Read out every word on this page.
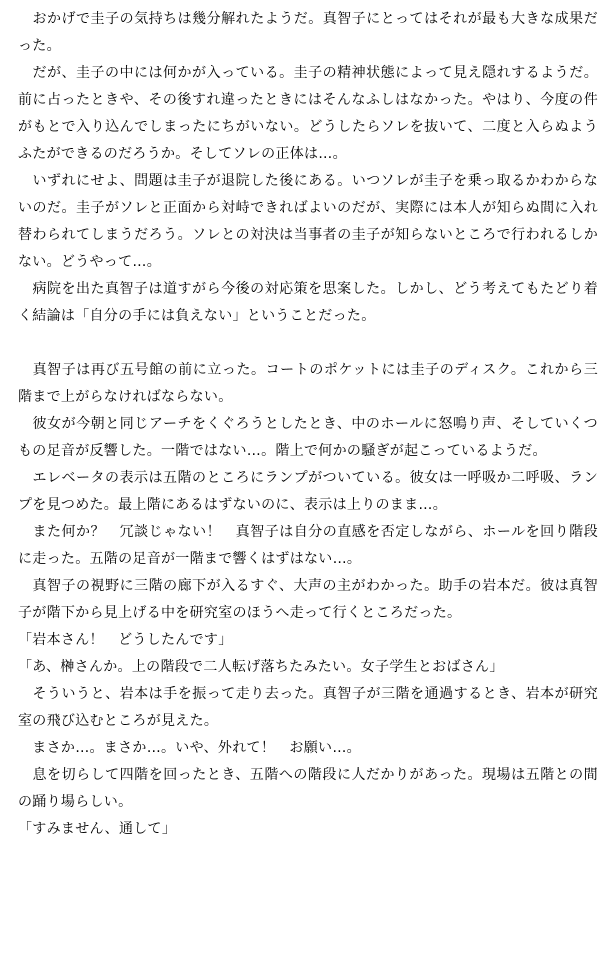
　おかげで圭子の気持ちは幾分解れたようだ。真智子にとってはそれが最も大きな成果だった。

　だが、圭子の中には何かが入っている。圭子の精神状態によって見え隠れするようだ。前に占ったときや、その後すれ違ったときにはそんなふしはなかった。やはり、今度の件がもとで入り込んでしまったにちがいない。どうしたらソレを抜いて、二度と入らぬようふたができるのだろうか。そしてソレの正体は…。

　いずれにせよ、問題は圭子が退院した後にある。いつソレが圭子を乗っ取るかわからないのだ。圭子がソレと正面から対峙できればよいのだが、実際には本人が知らぬ間に入れ替わられてしまうだろう。ソレとの対決は当事者の圭子が知らないところで行われるしかない。どうやって…。

　病院を出た真智子は道すがら今後の対応策を思案した。しかし、どう考えてもたどり着く結論は「自分の手には負えない」ということだった。

　真智子は再び五号館の前に立った。コートのポケットには圭子のディスク。これから三階まで上がらなければならない。

　彼女が今朝と同じアーチをくぐろうとしたとき、中のホールに怒鳴り声、そしていくつもの足音が反響した。一階ではない…。階上で何かの騒ぎが起こっているようだ。

　エレベータの表示は五階のところにランプがついている。彼女は一呼吸か二呼吸、ランプを見つめた。最上階にあるはずないのに、表示は上りのまま…。

　また何か？　冗談じゃない！　真智子は自分の直感を否定しながら、ホールを回り階段に走った。五階の足音が一階まで響くはずはない…。

　真智子の視野に三階の廊下が入るすぐ、大声の主がわかった。助手の岩本だ。彼は真智子が階下から見上げる中を研究室のほうへ走って行くところだった。

「岩本さん！　どうしたんです」

「あ、榊さんか。上の階段で二人転げ落ちたみたい。女子学生とおばさん」

　そういうと、岩本は手を振って走り去った。真智子が三階を通過するとき、岩本が研究室の飛び込むところが見えた。

　まさか…。まさか…。いや、外れて！　お願い…。

　息を切らして四階を回ったとき、五階への階段に人だかりがあった。現場は五階との間の踊り場らしい。

「すみません、通して」
